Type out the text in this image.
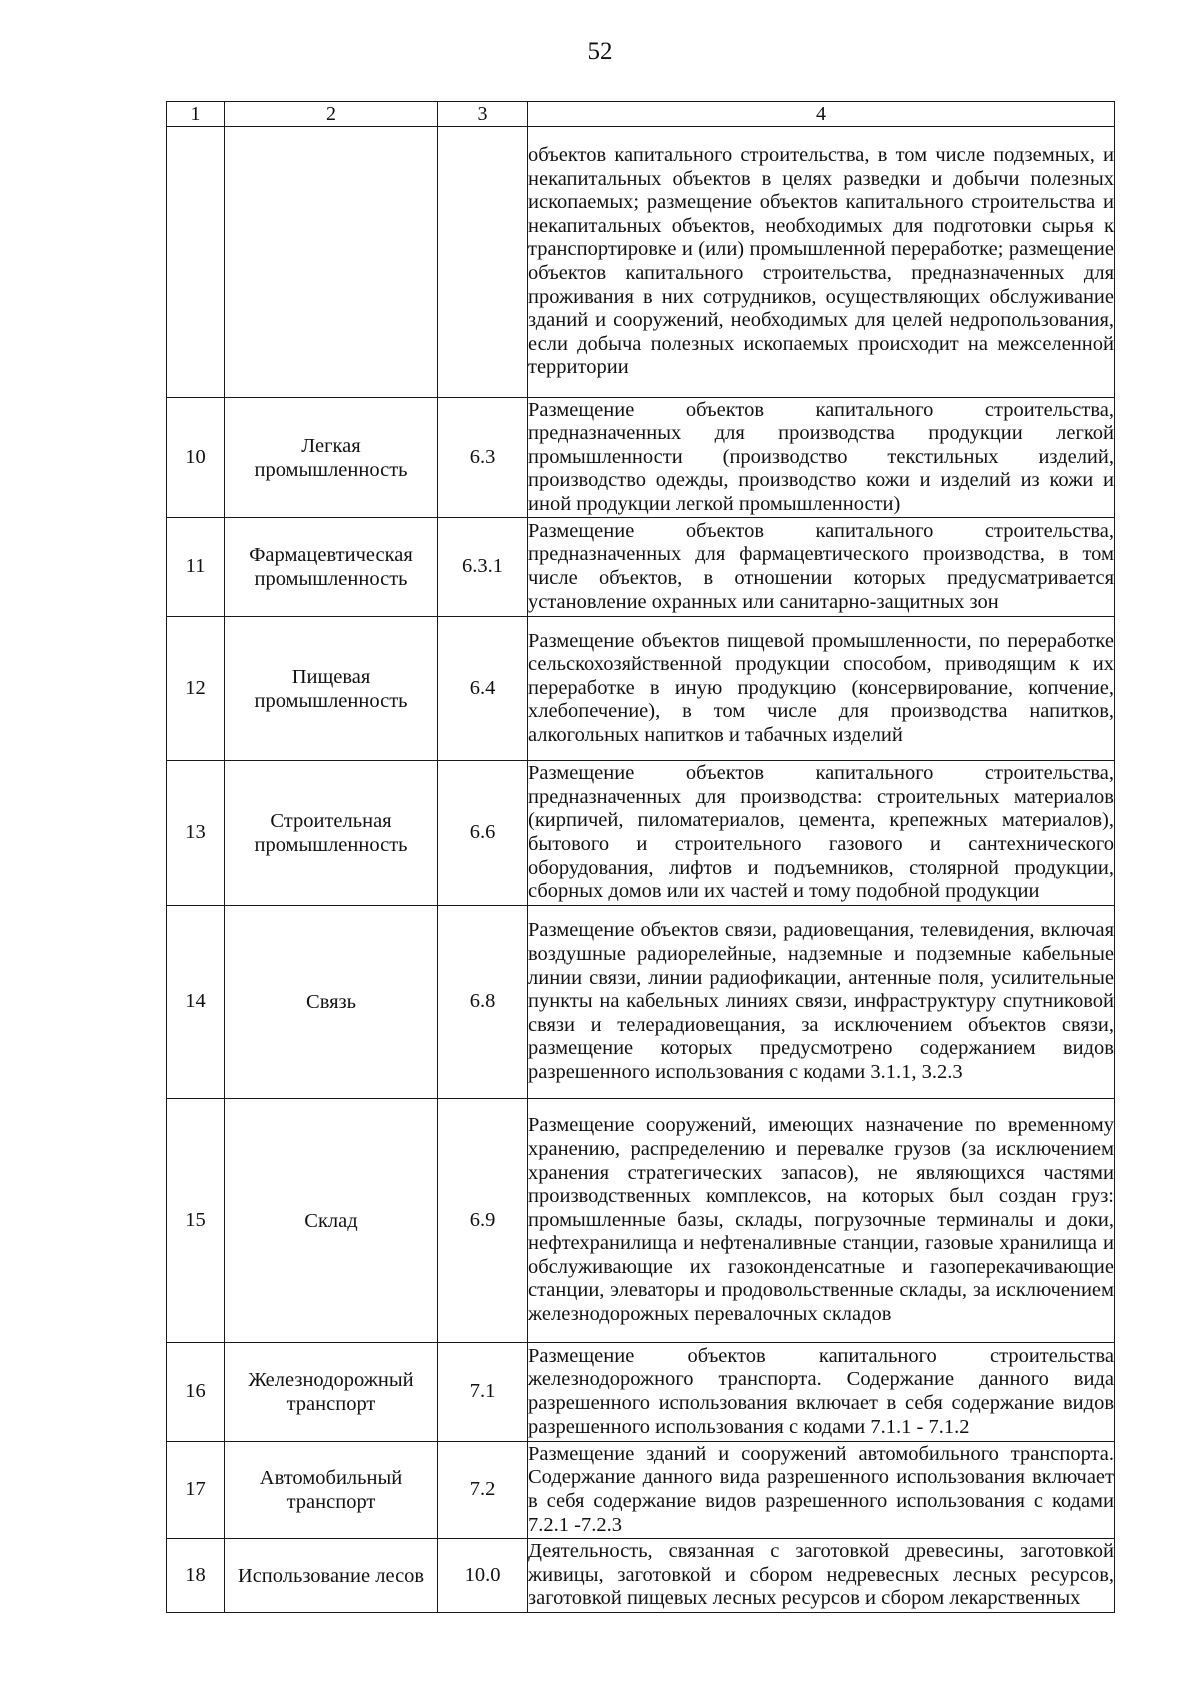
52
1	2	3	4
			объектов капитального строительства, в том числе подземных, и некапитальных объектов в целях разведки и добычи полезных ископаемых; размещение объектов капитального строительства и некапитальных объектов, необходимых для подготовки сырья к транспортировке и (или) промышленной переработке; размещение объектов капитального строительства, предназначенных для проживания в них сотрудников, осуществляющих обслуживание зданий и сооружений, необходимых для целей недропользования, если добыча полезных ископаемых происходит на межселенной территории
10	Легкая промышленность	6.3	Размещение объектов капитального строительства, предназначенных для производства продукции легкой промышленности (производство текстильных изделий, производство одежды, производство кожи и изделий из кожи и иной продукции легкой промышленности)
11	Фармацевтическая промышленность	6.3.1	Размещение объектов капитального строительства, предназначенных для фармацевтического производства, в том числе объектов, в отношении которых предусматривается установление охранных или санитарно-защитных зон
12	Пищевая промышленность	6.4	Размещение объектов пищевой промышленности, по переработке сельскохозяйственной продукции способом, приводящим к их переработке в иную продукцию (консервирование, копчение, хлебопечение), в том числе для производства напитков, алкогольных напитков и табачных изделий
13	Строительная промышленность	6.6	Размещение объектов капитального строительства, предназначенных для производства: строительных материалов (кирпичей, пиломатериалов, цемента, крепежных материалов), бытового и строительного газового и сантехнического оборудования, лифтов и подъемников, столярной продукции, сборных домов или их частей и тому подобной продукции
14	Связь	6.8	Размещение объектов связи, радиовещания, телевидения, включая воздушные радиорелейные, надземные и подземные кабельные линии связи, линии радиофикации, антенные поля, усилительные пункты на кабельных линиях связи, инфраструктуру спутниковой связи и телерадиовещания, за исключением объектов связи, размещение которых предусмотрено содержанием видов разрешенного использования с кодами 3.1.1, 3.2.3
15	Склад	6.9	Размещение сооружений, имеющих назначение по временному хранению, распределению и перевалке грузов (за исключением хранения стратегических запасов), не являющихся частями производственных комплексов, на которых был создан груз: промышленные базы, склады, погрузочные терминалы и доки, нефтехранилища и нефтеналивные станции, газовые хранилища и обслуживающие их газоконденсатные и газоперекачивающие станции, элеваторы и продовольственные склады, за исключением железнодорожных перевалочных складов
16	Железнодорожный транспорт	7.1	Размещение объектов капитального строительства железнодорожного транспорта. Содержание данного вида разрешенного использования включает в себя содержание видов разрешенного использования с кодами 7.1.1 - 7.1.2
17	Автомобильный транспорт	7.2	Размещение зданий и сооружений автомобильного транспорта. Содержание данного вида разрешенного использования включает в себя содержание видов разрешенного использования с кодами 7.2.1 -7.2.3
18	Использование лесов	10.0	Деятельность, связанная с заготовкой древесины, заготовкой живицы, заготовкой и сбором недревесных лесных ресурсов, заготовкой пищевых лесных ресурсов и сбором лекарственных
